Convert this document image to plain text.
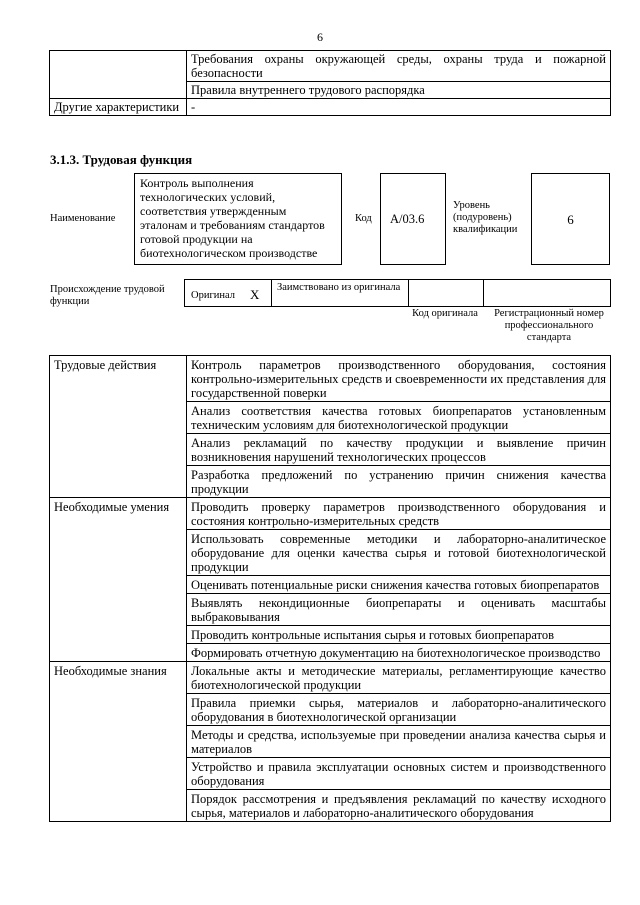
6
	Требования охраны окружающей среды, охраны труда и пожарной безопасности
	Правила внутреннего трудового распорядка
Другие характеристики	-
3.1.3. Трудовая функция
Наименование
Контроль выполнения технологических условий, соответствия утвержденным эталонам и требованиям стандартов готовой продукции на биотехнологическом производстве
Код	А/03.6
Уровень (подуровень) квалификации
6
Происхождение трудовой функции
Оригинал X Заимствовано из оригинала
Код оригинала	Регистрационный номер профессионального стандарта
Трудовые действия	Контроль параметров производственного оборудования, состояния контрольно-измерительных средств и своевременности их представления для государственной поверки
	Анализ соответствия качества готовых биопрепаратов установленным техническим условиям для биотехнологической продукции
	Анализ рекламаций по качеству продукции и выявление причин возникновения нарушений технологических процессов
	Разработка предложений по устранению причин снижения качества продукции
Необходимые умения	Проводить проверку параметров производственного оборудования и состояния контрольно-измерительных средств
	Использовать современные методики и лабораторно-аналитическое оборудование для оценки качества сырья и готовой биотехнологической продукции
	Оценивать потенциальные риски снижения качества готовых биопрепаратов
	Выявлять некондиционные биопрепараты и оценивать масштабы выбраковывания
	Проводить контрольные испытания сырья и готовых биопрепаратов
	Формировать отчетную документацию на биотехнологическое производство
Необходимые знания	Локальные акты и методические материалы, регламентирующие качество биотехнологической продукции
	Правила приемки сырья, материалов и лабораторно-аналитического оборудования в биотехнологической организации
	Методы и средства, используемые при проведении анализа качества сырья и материалов
	Устройство и правила эксплуатации основных систем и производственного оборудования
	Порядок рассмотрения и предъявления рекламаций по качеству исходного сырья, материалов и лабораторно-аналитического оборудования
